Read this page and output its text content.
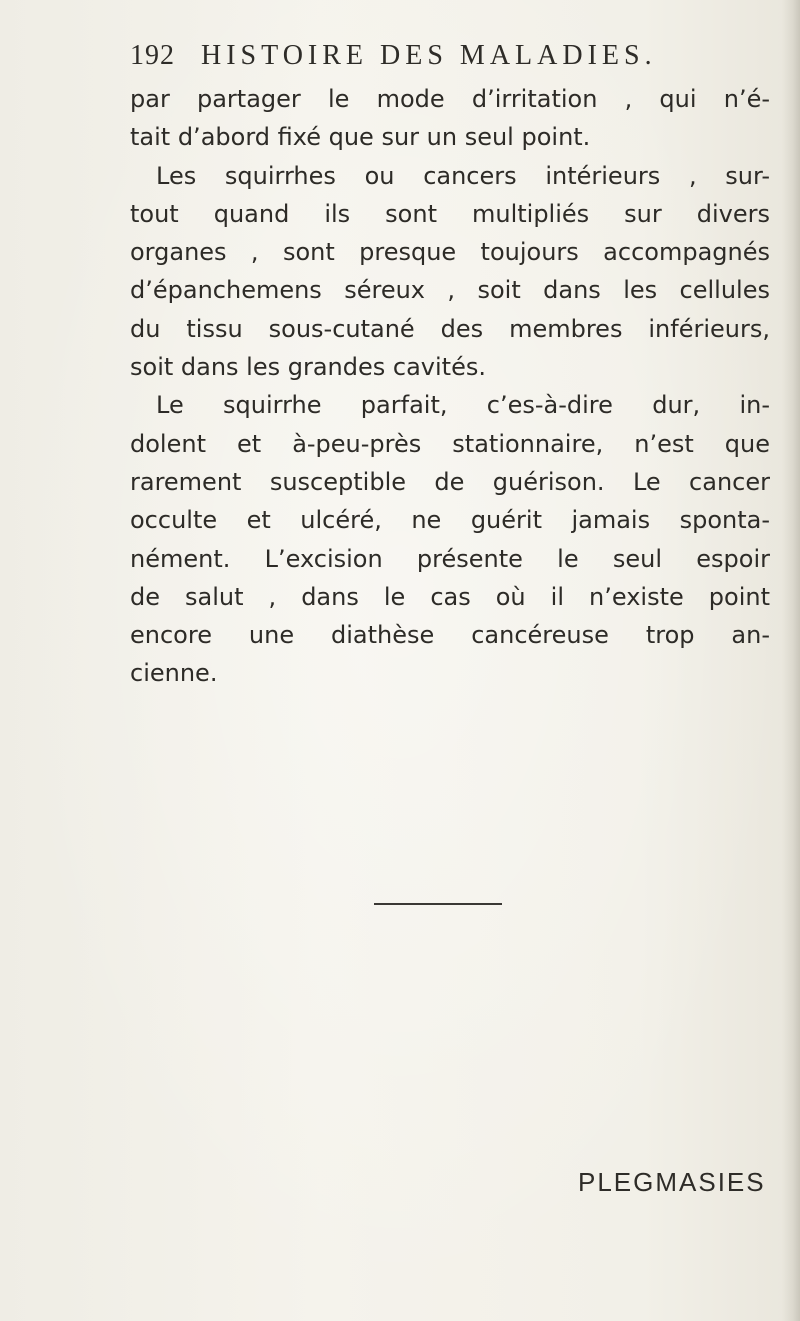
192 HISTOIRE DES MALADIES.
par partager le mode d’irritation , qui n’é-
tait d’abord fixé que sur un seul point.
Les squirrhes ou cancers intérieurs , sur-
tout quand ils sont multipliés sur divers
organes , sont presque toujours accompagnés
d’épanchemens séreux , soit dans les cellules
du tissu sous-cutané des membres inférieurs,
soit dans les grandes cavités.
Le squirrhe parfait, c’es-à-dire dur, in-
dolent et à-peu-près stationnaire, n’est que
rarement susceptible de guérison. Le cancer
occulte et ulcéré, ne guérit jamais sponta-
nément. L’excision présente le seul espoir
de salut , dans le cas où il n’existe point
encore une diathèse cancéreuse trop an-
cienne.
PLEGMASIES
